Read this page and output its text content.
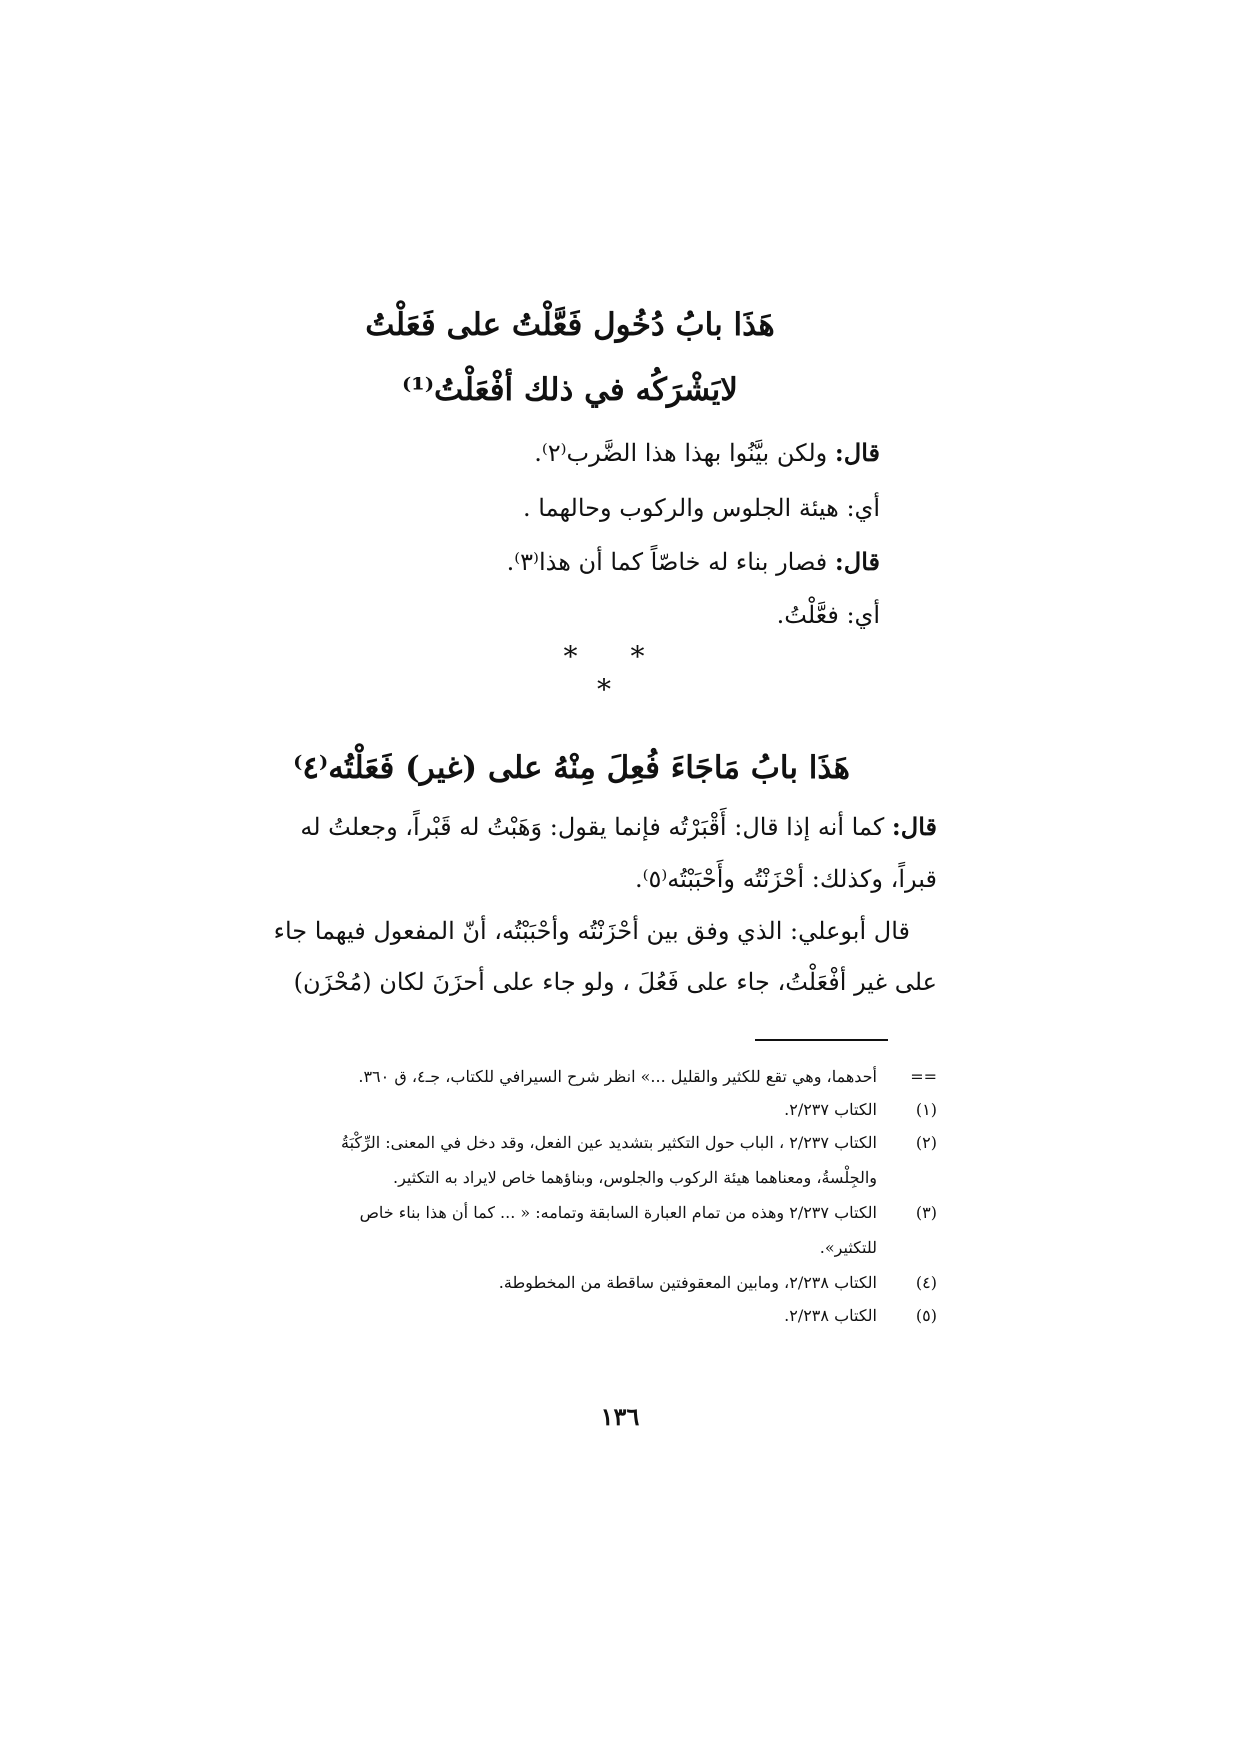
هَذَا بابُ دُخُول فَعَّلْتُ على فَعَلْتُ
لايَشْرَكُه في ذلك أفْعَلْتُ⁽¹⁾
قال: ولكن بيَّنُوا بهذا هذا الضَّرب⁽٢⁾.
أي: هيئة الجلوس والركوب وحالهما .
قال: فصار بناء له خاصّاً كما أن هذا⁽٣⁾.
أي: فعَّلْتُ.
* * *
هَذَا بابُ مَاجَاءَ فُعِلَ مِنْهُ على (غير) فَعَلْتُه⁽٤⁾
قال: كما أنه إذا قال: أَقْبَرْتُه فإنما يقول: وَهَبْتُ له قَبْراً، وجعلتُ له
قبراً، وكذلك: أحْزَنْتُه وأَحْبَبْتُه⁽٥⁾.
قال أبوعلي: الذي وفق بين أحْزَنْتُه وأحْبَبْتُه، أنّ المفعول فيهما جاء
على غير أفْعَلْتُ، جاء على فَعُلَ ، ولو جاء على أحزَنَ لكان (مُحْزَن)
==أحدهما، وهي تقع للكثير والقليل ...» انظر شرح السيرافي للكتاب، جـ٤، ق ٣٦٠.
(١)الكتاب ٢/٢٣٧.
(٢)الكتاب ٢/٢٣٧ ، الباب حول التكثير بتشديد عين الفعل، وقد دخل في المعنى: الرِّكْبَةُ
والجِلْسةُ، ومعناهما هيئة الركوب والجلوس، وبناؤهما خاص لايراد به التكثير.
(٣)الكتاب ٢/٢٣٧ وهذه من تمام العبارة السابقة وتمامه: « ... كما أن هذا بناء خاص
للتكثير».
(٤)الكتاب ٢/٢٣٨، ومابين المعقوفتين ساقطة من المخطوطة.
(٥)الكتاب ٢/٢٣٨.
١٣٦
